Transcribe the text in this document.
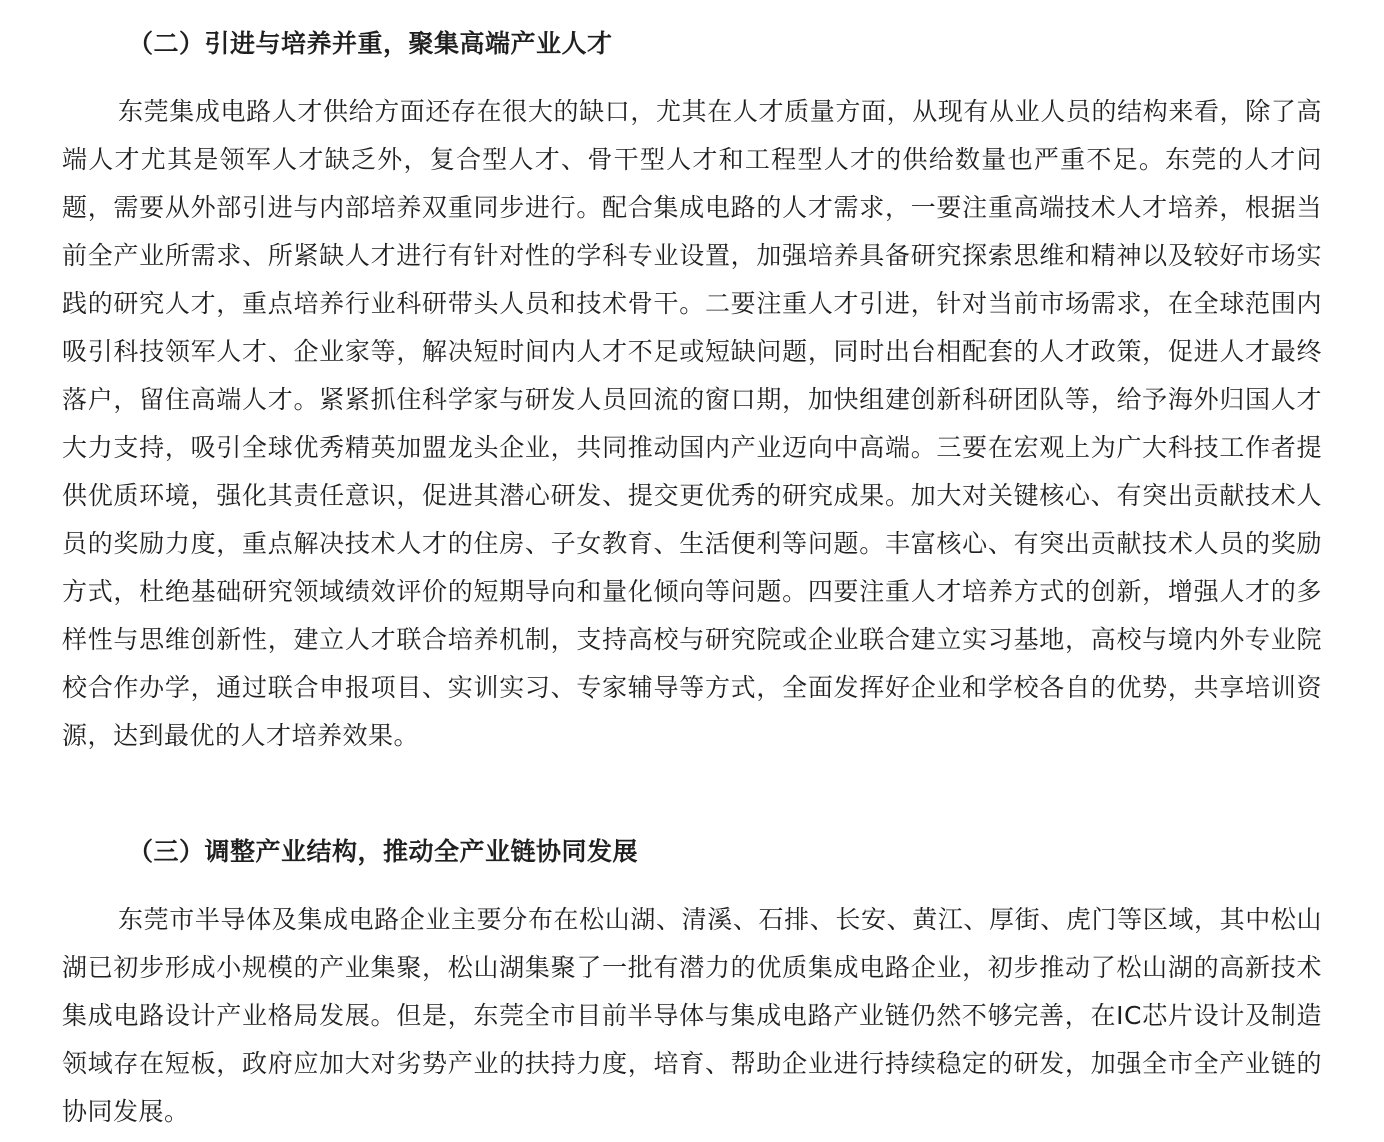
（二）引进与培养并重，聚集高端产业人才

东莞集成电路人才供给方面还存在很大的缺口，尤其在人才质量方面，从现有从业人员的结构来看，除了高端人才尤其是领军人才缺乏外，复合型人才、骨干型人才和工程型人才的供给数量也严重不足。东莞的人才问题，需要从外部引进与内部培养双重同步进行。配合集成电路的人才需求，一要注重高端技术人才培养，根据当前全产业所需求、所紧缺人才进行有针对性的学科专业设置，加强培养具备研究探索思维和精神以及较好市场实践的研究人才，重点培养行业科研带头人员和技术骨干。二要注重人才引进，针对当前市场需求，在全球范围内吸引科技领军人才、企业家等，解决短时间内人才不足或短缺问题，同时出台相配套的人才政策，促进人才最终落户，留住高端人才。紧紧抓住科学家与研发人员回流的窗口期，加快组建创新科研团队等，给予海外归国人才大力支持，吸引全球优秀精英加盟龙头企业，共同推动国内产业迈向中高端。三要在宏观上为广大科技工作者提供优质环境，强化其责任意识，促进其潜心研发、提交更优秀的研究成果。加大对关键核心、有突出贡献技术人员的奖励力度，重点解决技术人才的住房、子女教育、生活便利等问题。丰富核心、有突出贡献技术人员的奖励方式，杜绝基础研究领域绩效评价的短期导向和量化倾向等问题。四要注重人才培养方式的创新，增强人才的多样性与思维创新性，建立人才联合培养机制，支持高校与研究院或企业联合建立实习基地，高校与境内外专业院校合作办学，通过联合申报项目、实训实习、专家辅导等方式，全面发挥好企业和学校各自的优势，共享培训资源，达到最优的人才培养效果。

（三）调整产业结构，推动全产业链协同发展

东莞市半导体及集成电路企业主要分布在松山湖、清溪、石排、长安、黄江、厚街、虎门等区域，其中松山湖已初步形成小规模的产业集聚，松山湖集聚了一批有潜力的优质集成电路企业，初步推动了松山湖的高新技术集成电路设计产业格局发展。但是，东莞全市目前半导体与集成电路产业链仍然不够完善，在IC芯片设计及制造领域存在短板，政府应加大对劣势产业的扶持力度，培育、帮助企业进行持续稳定的研发，加强全市全产业链的协同发展。
